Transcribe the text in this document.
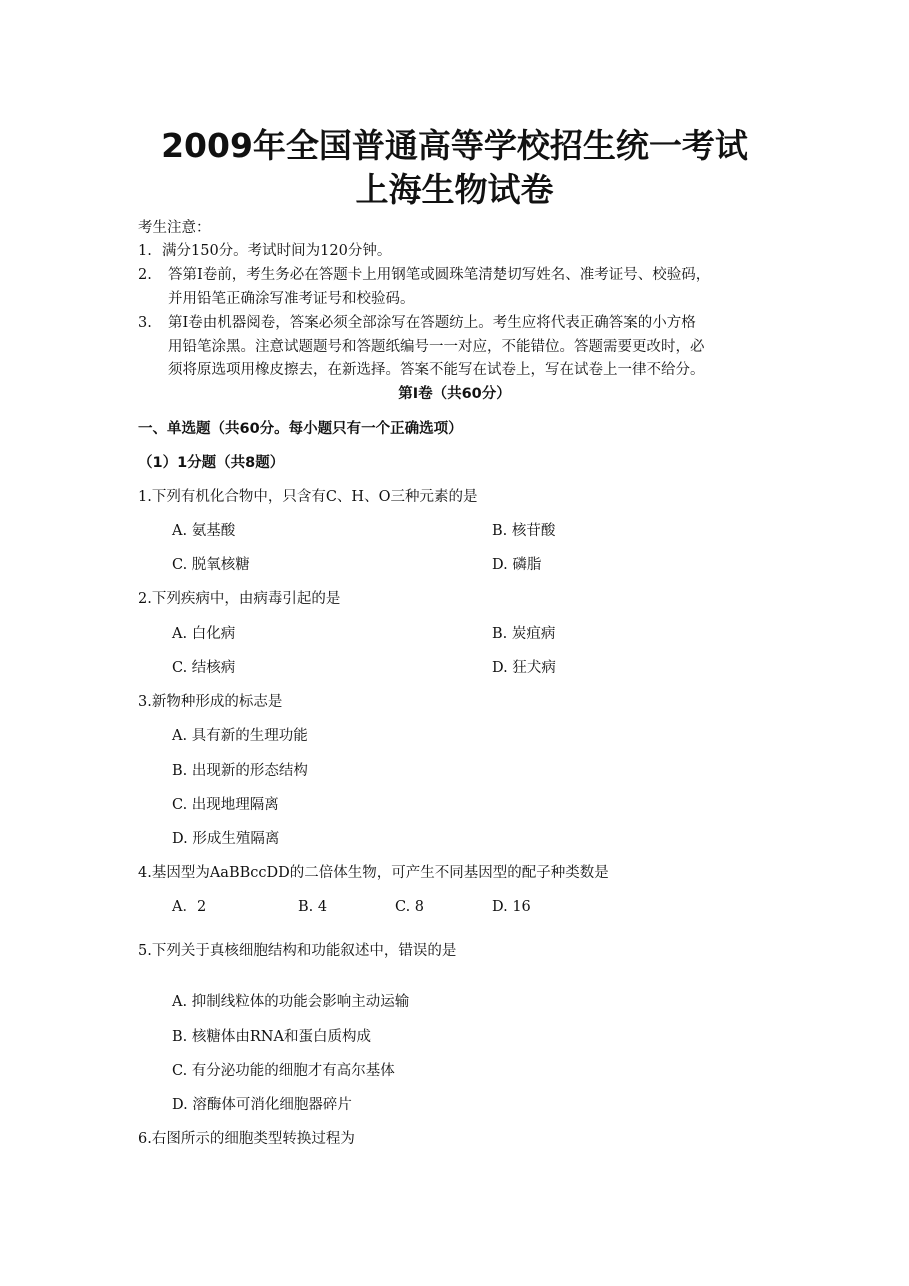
2009年全国普通高等学校招生统一考试
上海生物试卷
考生注意：
1. 满分150分。考试时间为120分钟。
2. 答第Ⅰ卷前，考生务必在答题卡上用钢笔或圆珠笔清楚切写姓名、准考证号、校验码，
并用铅笔正确涂写准考证号和校验码。
3. 第Ⅰ卷由机器阅卷，答案必须全部涂写在答题纺上。考生应将代表正确答案的小方格
用铅笔涂黑。注意试题题号和答题纸编号一一对应，不能错位。答题需要更改时，必
须将原选项用橡皮擦去，在新选择。答案不能写在试卷上，写在试卷上一律不给分。
第Ⅰ卷（共60分）
一、单选题（共60分。每小题只有一个正确选项）
（1）1分题（共8题）
1.下列有机化合物中，只含有C、H、O三种元素的是
A. 氨基酸	B. 核苷酸
C. 脱氧核糖	D. 磷脂
2.下列疾病中，由病毒引起的是
A. 白化病	B. 炭疽病
C. 结核病	D. 狂犬病
3.新物种形成的标志是
A. 具有新的生理功能
B. 出现新的形态结构
C. 出现地理隔离
D. 形成生殖隔离
4.基因型为AaBBccDD的二倍体生物，可产生不同基因型的配子种类数是
A．2	B. 4	C. 8	D. 16
5.下列关于真核细胞结构和功能叙述中，错误的是
A. 抑制线粒体的功能会影响主动运输
B. 核糖体由RNA和蛋白质构成
C. 有分泌功能的细胞才有高尔基体
D. 溶酶体可消化细胞器碎片
6.右图所示的细胞类型转换过程为
